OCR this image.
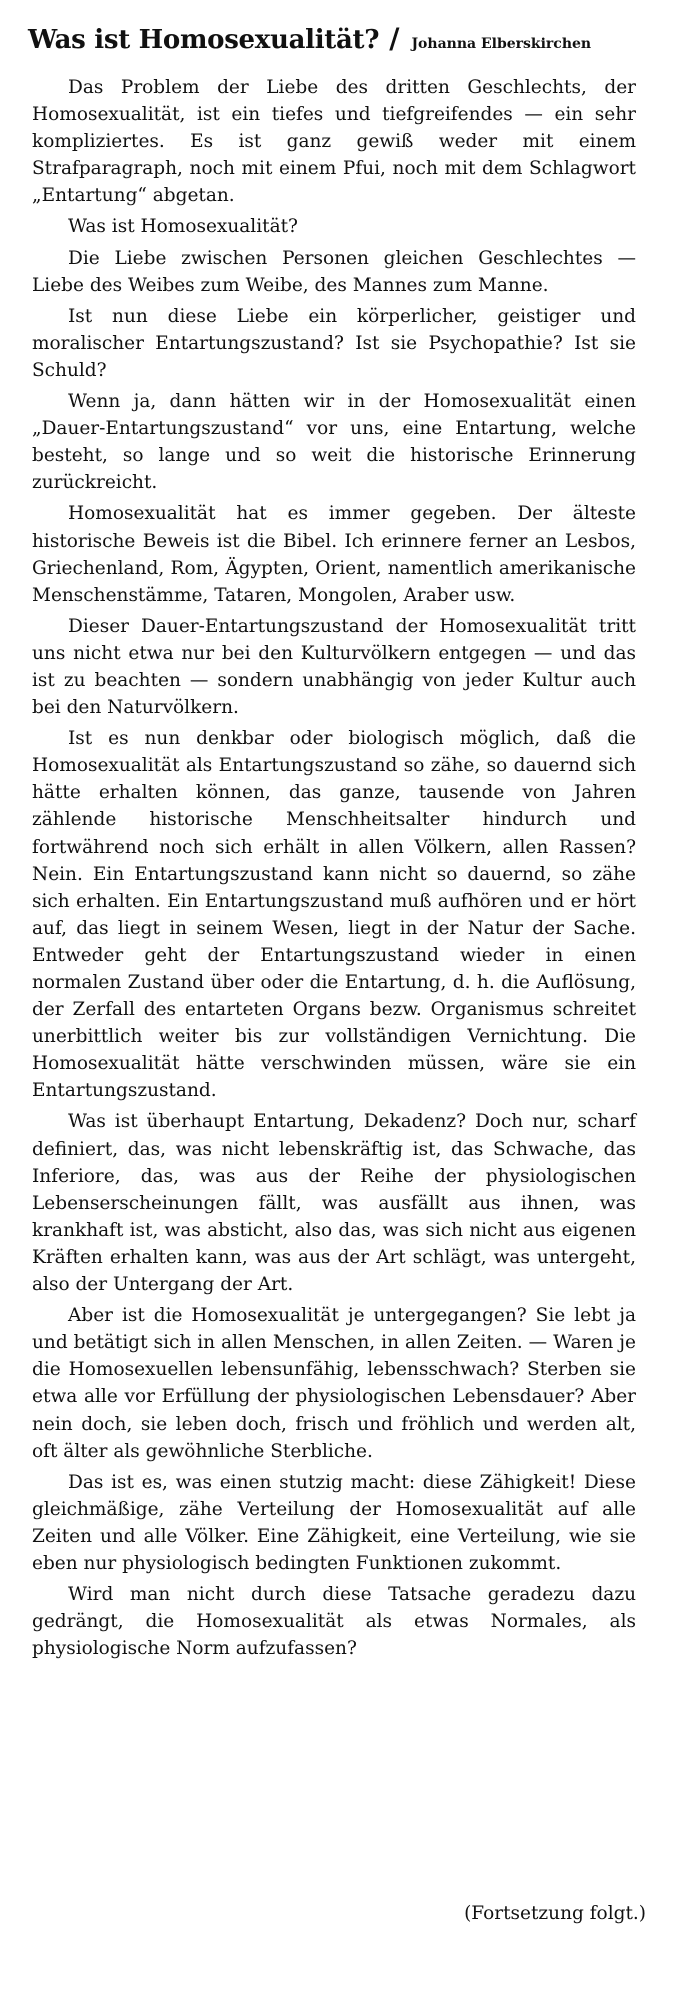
Was ist Homosexualität? / Johanna Elberskirchen

Das Problem der Liebe des dritten Geschlechts, der Homosexualität, ist ein tiefes und tiefgreifendes — ein sehr kompliziertes. Es ist ganz gewiß weder mit einem Strafparagraph, noch mit einem Pfui, noch mit dem Schlagwort „Entartung“ abgetan.

Was ist Homosexualität?

Die Liebe zwischen Personen gleichen Geschlechtes — Liebe des Weibes zum Weibe, des Mannes zum Manne.

Ist nun diese Liebe ein körperlicher, geistiger und moralischer Entartungszustand? Ist sie Psychopathie? Ist sie Schuld?

Wenn ja, dann hätten wir in der Homosexualität einen „Dauer-Entartungszustand“ vor uns, eine Entartung, welche besteht, so lange und so weit die historische Erinnerung zurückreicht.

Homosexualität hat es immer gegeben. Der älteste historische Beweis ist die Bibel. Ich erinnere ferner an Lesbos, Griechenland, Rom, Ägypten, Orient, namentlich amerikanische Menschenstämme, Tataren, Mongolen, Araber usw.

Dieser Dauer-Entartungszustand der Homosexualität tritt uns nicht etwa nur bei den Kulturvölkern entgegen — und das ist zu beachten — sondern unabhängig von jeder Kultur auch bei den Naturvölkern.

Ist es nun denkbar oder biologisch möglich, daß die Homosexualität als Entartungszustand so zähe, so dauernd sich hätte erhalten können, das ganze, tausende von Jahren zählende historische Menschheitsalter hindurch und fortwährend noch sich erhält in allen Völkern, allen Rassen? Nein. Ein Entartungszustand kann nicht so dauernd, so zähe sich erhalten. Ein Entartungszustand muß aufhören und er hört auf, das liegt in seinem Wesen, liegt in der Natur der Sache. Entweder geht der Entartungszustand wieder in einen normalen Zustand über oder die Entartung, d. h. die Auflösung, der Zerfall des entarteten Organs bezw. Organismus schreitet unerbittlich weiter bis zur vollständigen Vernichtung. Die Homosexualität hätte verschwinden müssen, wäre sie ein Entartungszustand.

Was ist überhaupt Entartung, Dekadenz? Doch nur, scharf definiert, das, was nicht lebenskräftig ist, das Schwache, das Inferiore, das, was aus der Reihe der physiologischen Lebenserscheinungen fällt, was ausfällt aus ihnen, was krankhaft ist, was absticht, also das, was sich nicht aus eigenen Kräften erhalten kann, was aus der Art schlägt, was untergeht, also der Untergang der Art.

Aber ist die Homosexualität je untergegangen? Sie lebt ja und betätigt sich in allen Menschen, in allen Zeiten. — Waren je die Homosexuellen lebensunfähig, lebensschwach? Sterben sie etwa alle vor Erfüllung der physiologischen Lebensdauer? Aber nein doch, sie leben doch, frisch und fröhlich und werden alt, oft älter als gewöhnliche Sterbliche.

Das ist es, was einen stutzig macht: diese Zähigkeit! Diese gleichmäßige, zähe Verteilung der Homosexualität auf alle Zeiten und alle Völker. Eine Zähigkeit, eine Verteilung, wie sie eben nur physiologisch bedingten Funktionen zukommt.

Wird man nicht durch diese Tatsache geradezu dazu gedrängt, die Homosexualität als etwas Normales, als physiologische Norm aufzufassen?

(Fortsetzung folgt.)
